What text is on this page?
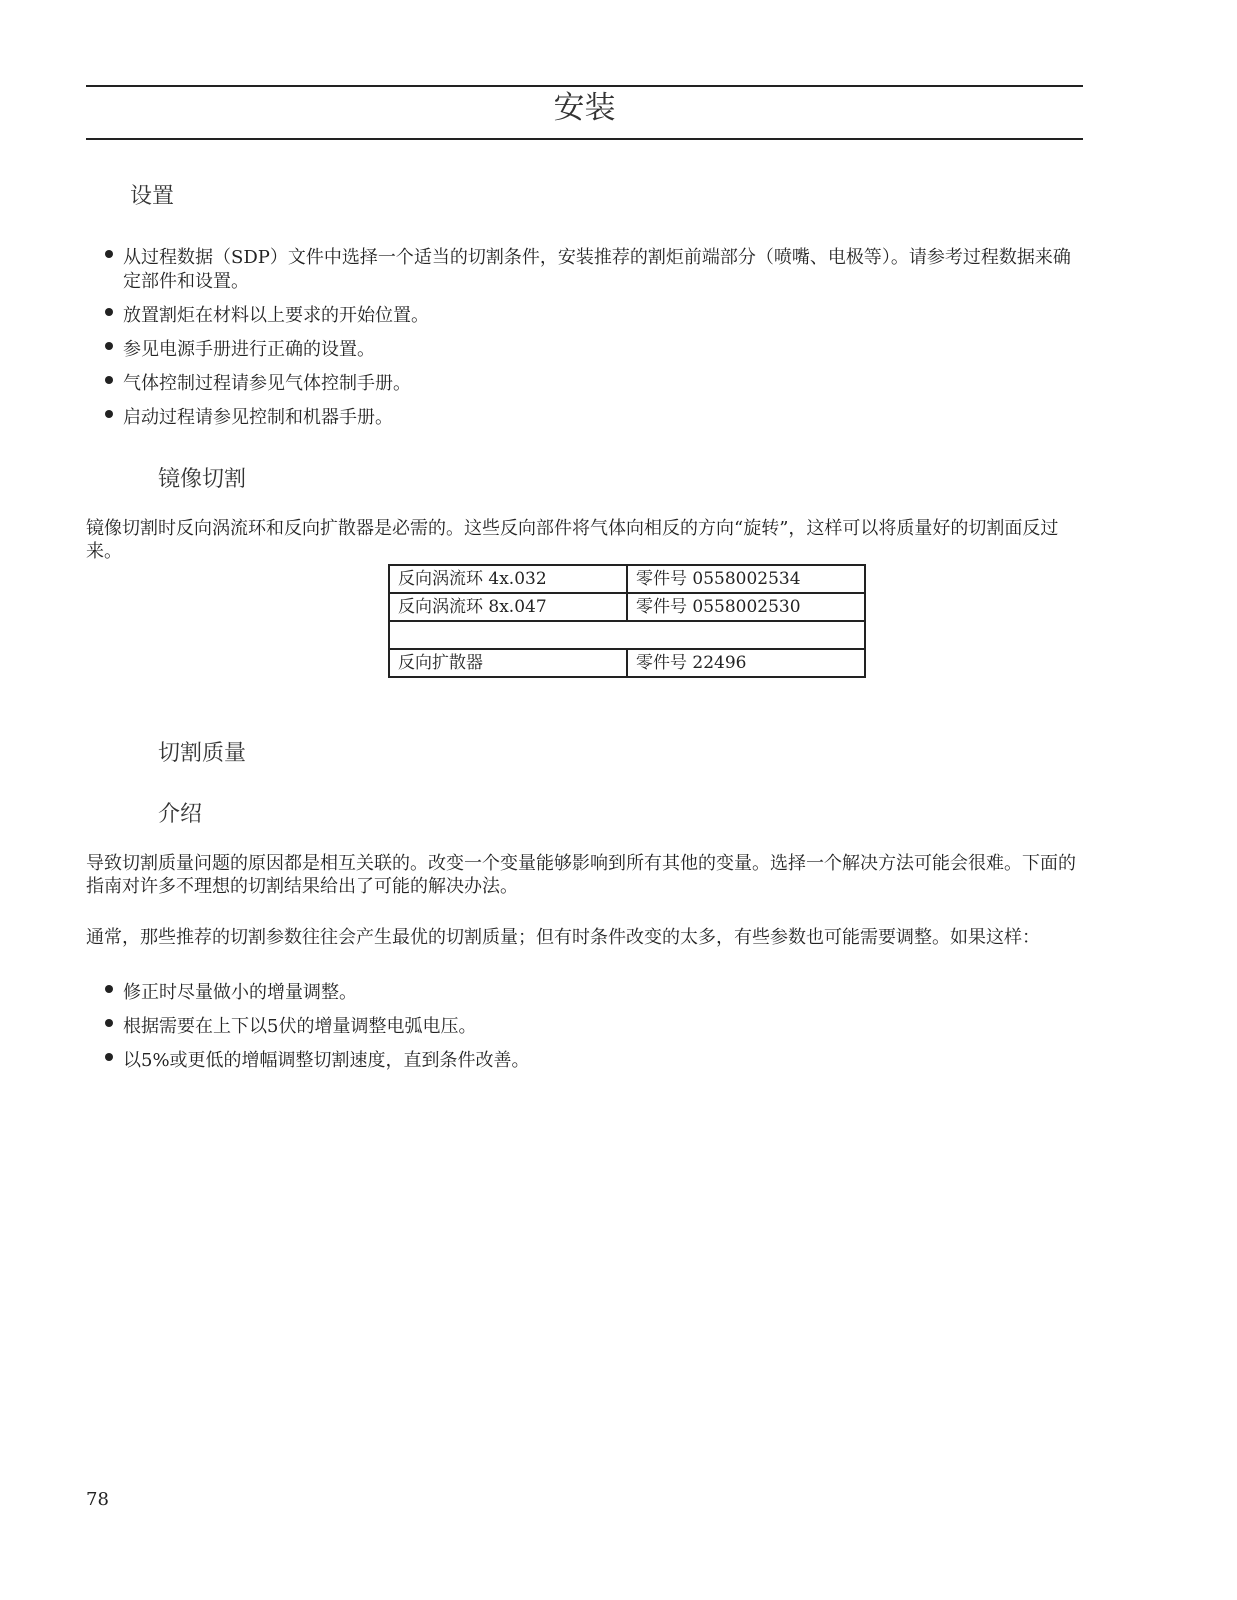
安装
设置
从过程数据（SDP）文件中选择一个适当的切割条件，安装推荐的割炬前端部分（喷嘴、电极等）。请参考过程数据来确定部件和设置。
放置割炬在材料以上要求的开始位置。
参见电源手册进行正确的设置。
气体控制过程请参见气体控制手册。
启动过程请参见控制和机器手册。
镜像切割

镜像切割时反向涡流环和反向扩散器是必需的。这些反向部件将气体向相反的方向“旋转”，这样可以将质量好的切割面反过来。

反向涡流环 4x.032	零件号 0558002534
反向涡流环 8x.047	零件号 0558002530

反向扩散器	零件号 22496
切割质量
介绍

导致切割质量问题的原因都是相互关联的。改变一个变量能够影响到所有其他的变量。选择一个解决方法可能会很难。下面的指南对许多不理想的切割结果给出了可能的解决办法。

通常，那些推荐的切割参数往往会产生最优的切割质量；但有时条件改变的太多，有些参数也可能需要调整。如果这样：

修正时尽量做小的增量调整。
根据需要在上下以5伏的增量调整电弧电压。
以5%或更低的增幅调整切割速度，直到条件改善。
78
